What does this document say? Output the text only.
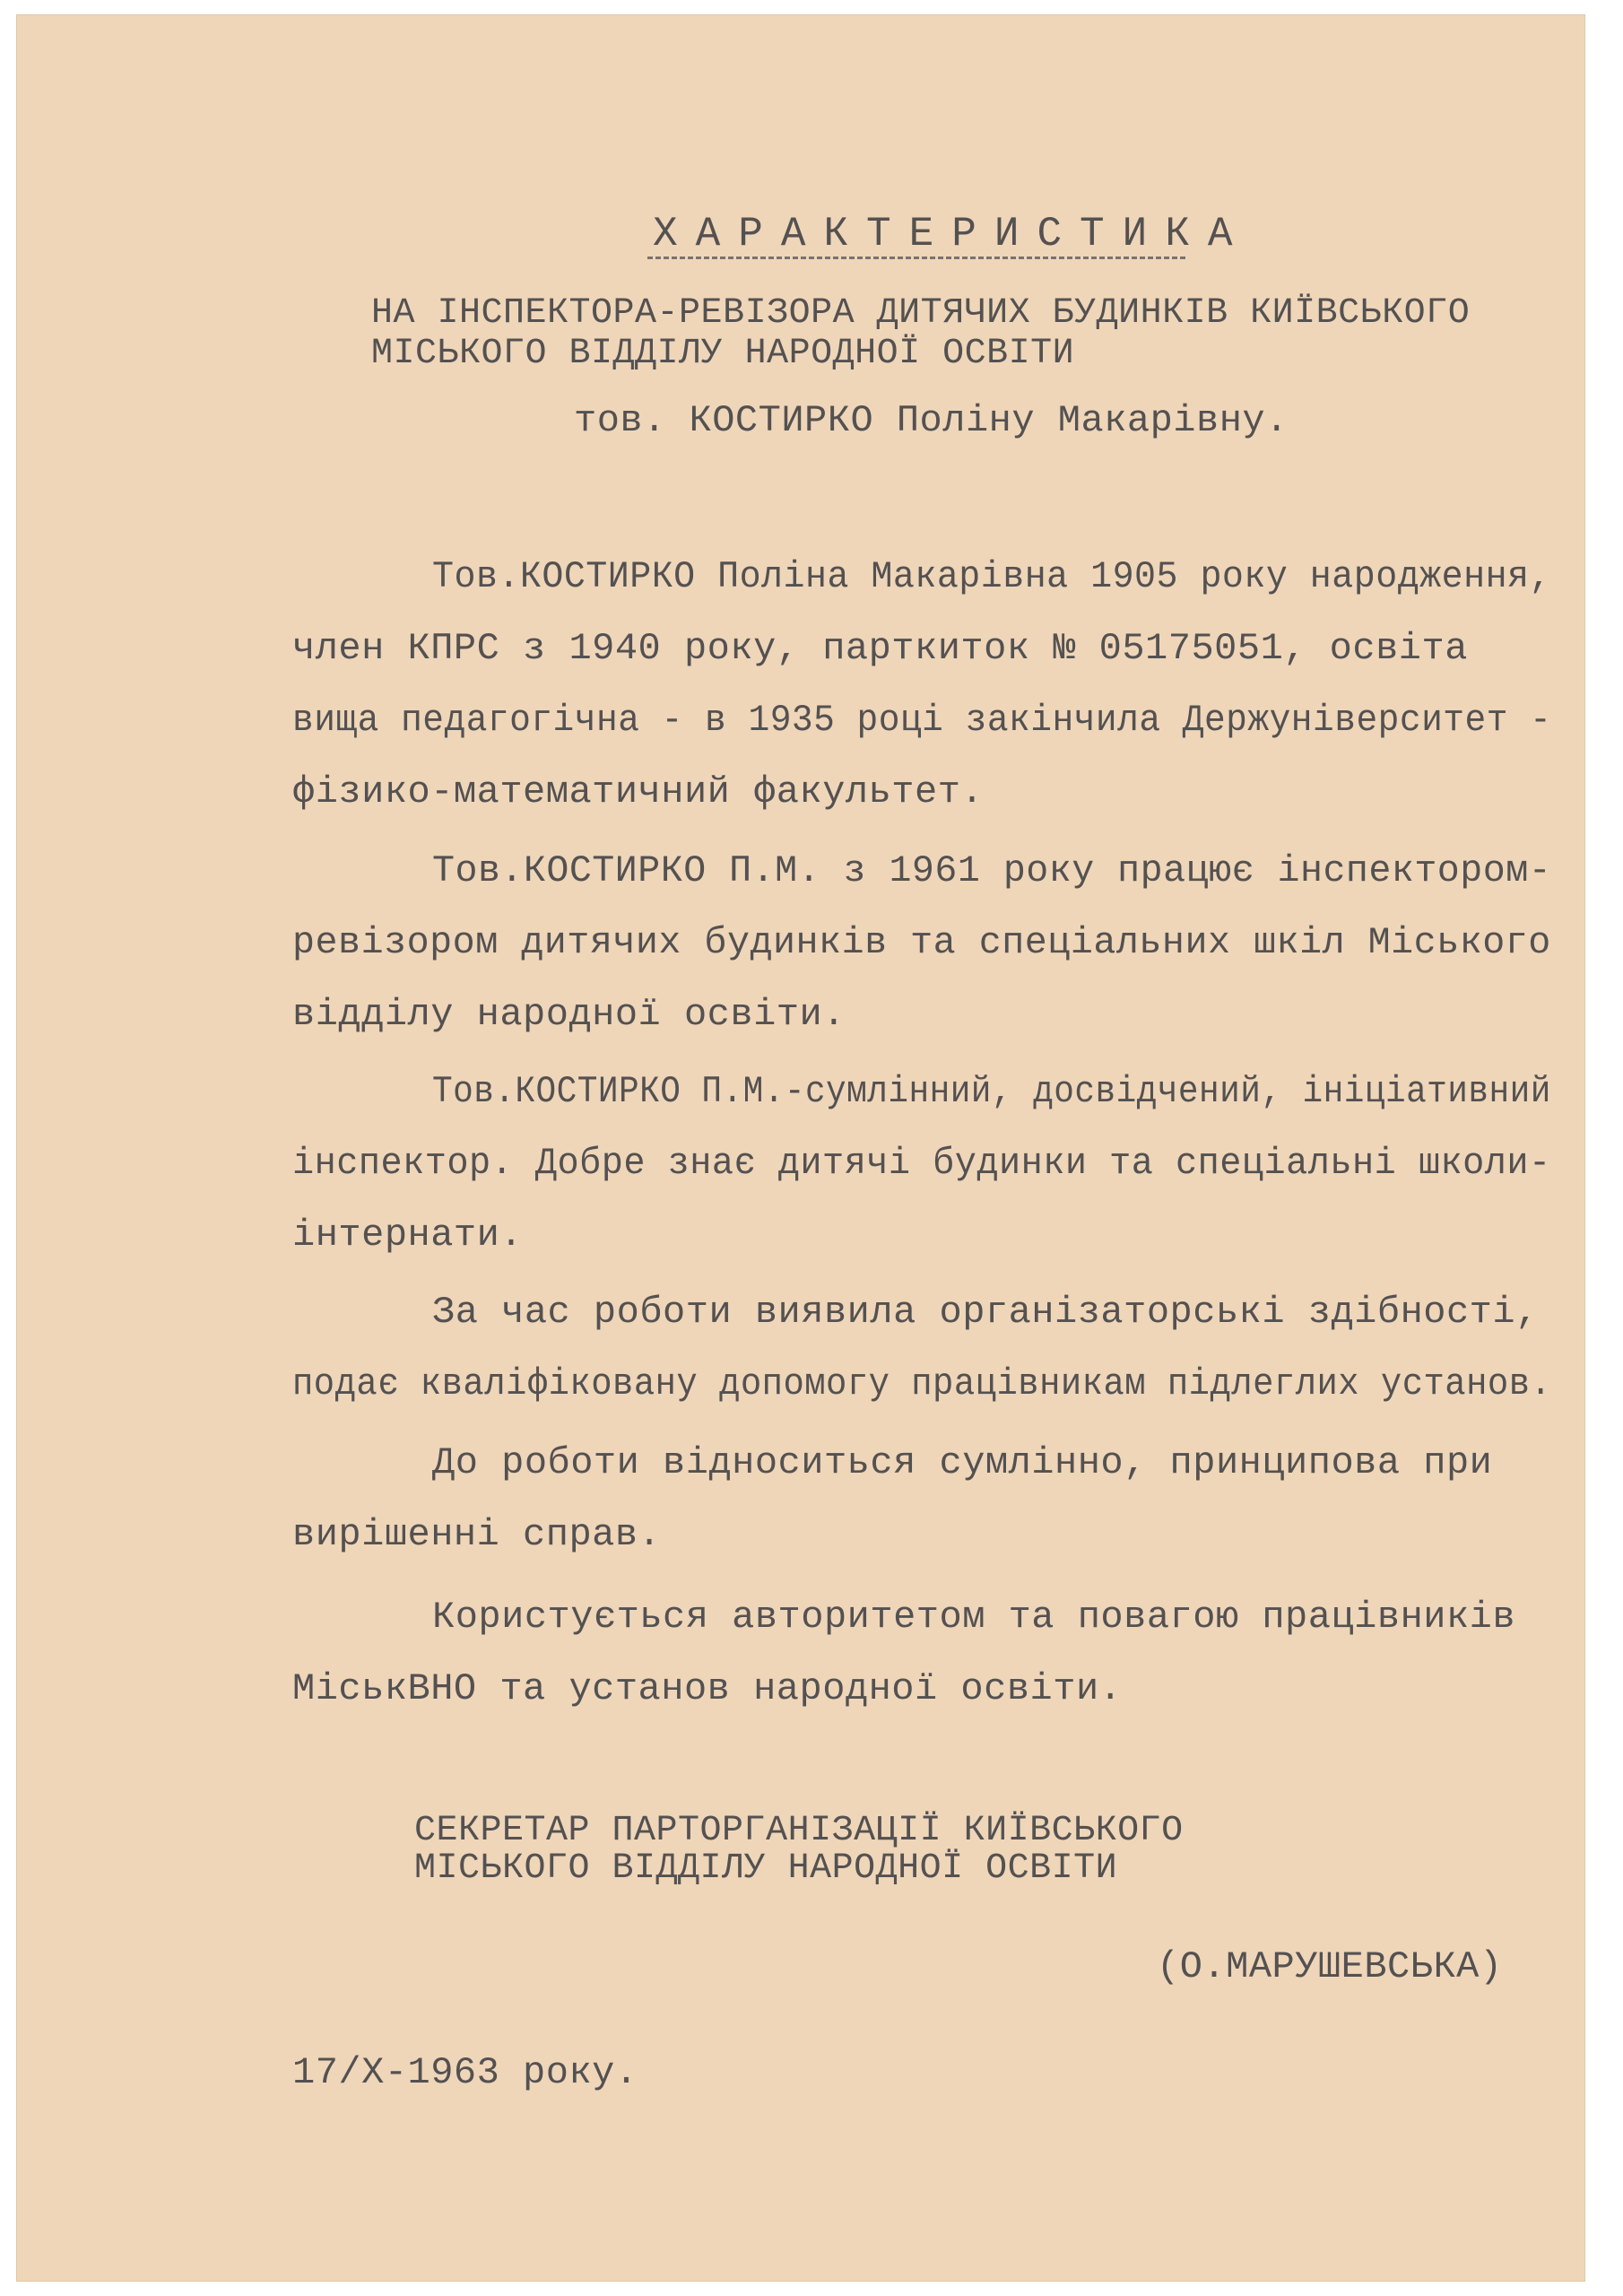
ХАРАКТЕРИСТИКА
НА ІНСПЕКТОРА-РЕВІЗОРА ДИТЯЧИХ БУДИНКІВ КИЇВСЬКОГО
МІСЬКОГО ВІДДІЛУ НАРОДНОЇ ОСВІТИ
тов. КОСТИРКО Поліну Макарівну.
Тов.КОСТИРКО Поліна Макарівна 1905 року народження,
член КПРС з 1940 року, парткиток № 05175051, освіта
вища педагогічна - в 1935 році закінчила Держуніверситет -
фізико-математичний факультет.
Тов.КОСТИРКО П.М. з 1961 року працює інспектором-
ревізором дитячих будинків та спеціальних шкіл Міського
відділу народної освіти.
Тов.КОСТИРКО П.М.-сумлінний, досвідчений, ініціативний
інспектор. Добре знає дитячі будинки та спеціальні школи-
інтернати.
За час роботи виявила організаторські здібності,
подає кваліфіковану допомогу працівникам підлеглих установ.
До роботи відноситься сумлінно, принципова при
вирішенні справ.
Користується авторитетом та повагою працівників
МіськВНО та установ народної освіти.
СЕКРЕТАР ПАРТОРГАНІЗАЦІЇ КИЇВСЬКОГО
МІСЬКОГО ВІДДІЛУ НАРОДНОЇ ОСВІТИ
(О.МАРУШЕВСЬКА)
17/X-1963 року.
